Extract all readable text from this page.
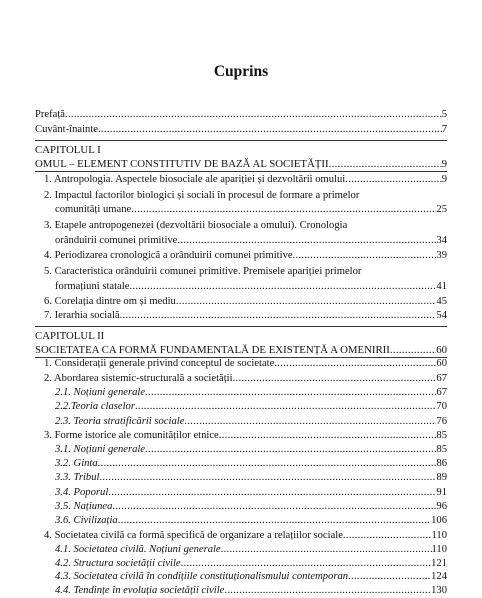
Cuprins
Prefață .....	5
Cuvânt-înainte .....	7
CAPITOLUL I
OMUL – ELEMENT CONSTITUTIV DE BAZĂ AL SOCIETĂȚII .....	9
1. Antropologia. Aspectele biosociale ale apariției și dezvoltării omului .....	9
2. Impactul factorilor biologici și sociali în procesul de formare a primelor
comunități umane .....	25
3. Etapele antropogenezei (dezvoltării biosociale a omului). Cronologia
orânduirii comunei primitive .....	34
4. Periodizarea cronologică a orânduirii comunei primitive .....	39
5. Caracteristica orânduirii comunei primitive. Premisele apariției primelor
formațiuni statale .....	41
6. Corelația dintre om și mediu .....	45
7. Ierarhia socială .....	54
CAPITOLUL II
SOCIETATEA CA FORMĂ FUNDAMENTALĂ DE EXISTENȚĂ A OMENIRII .....	60
1. Considerații generale privind conceptul de societate .....	60
2. Abordarea sistemic-structurală a societății .....	67
2.1. Noțiuni generale .....	67
2.2.Teoria claselor .....	70
2.3. Teoria stratificării sociale .....	76
3. Forme istorice ale comunităților etnice .....	85
3.1. Noțiuni generale .....	85
3.2. Ginta .....	86
3.3. Tribul .....	89
3.4. Poporul .....	91
3.5. Națiunea .....	96
3.6. Civilizația .....	106
4. Societatea civilă ca formă specifică de organizare a relațiilor sociale .....	110
4.1. Societatea civilă. Noțiuni generale .....	110
4.2. Structura societății civile .....	121
4.3. Societatea civilă în condițiile constituționalismului contemporan .....	124
4.4. Tendințe în evoluția societății civile .....	130
